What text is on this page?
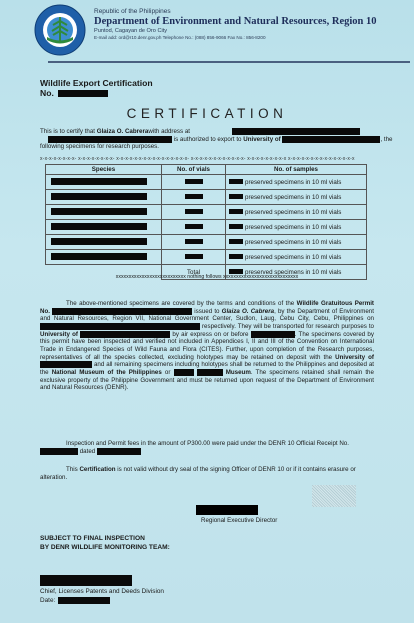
Republic of the Philippines
Department of Environment and Natural Resources, Region 10
Puntod, Cagayan de Oro City
E-mail add: ord@r10.denr.gov.ph Telephone No.: (088) 856-9066 Fax No.: 856-8200
Wildlife Export Certification
No.
CERTIFICATION
This is to certify that Glaiza O. Cabrerawith address at
is authorized to export to University of	, the
following specimens for research purposes.
x-x-x-x-x-x-x-x- x-x-x-x-x-x-x-x- x-x-x-x-x-x-x-x-x-x-x-x-x-x-x-x- x-x-x-x-x-x-x-x-x-x-x-x- x-x-x-x-x-x-x-x-x x-x-x-x-x-x-x-x-x-x-x-x-x-x-x
Species	No. of vials	No. of samples
		preserved specimens in 10 ml vials
		preserved specimens in 10 ml vials
		preserved specimens in 10 ml vials
		preserved specimens in 10 ml vials
		preserved specimens in 10 ml vials
		preserved specimens in 10 ml vials
	Total	preserved specimens in 10 ml vials
xxxxxxxxxxxxxxxxxxxxxxxxxxx nothing follows xxxxxxxxxxxxxxxxxxxxxxxxxxxxx
The above-mentioned specimens are covered by the terms and conditions of the Wildlife Gratuitous Permit No.	issued to Glaiza O. Cabrera, by the Department of Environment and Natural Resources, Region VII, National Government Center, Sudlon, Laug, Cebu City, Cebu, Philippines on  respectively. They will be transported for research purposes to University of	by air express on or before	. The specimens covered by this permit have been inspected and verified not included in Appendices I, II and III of the Convention on International Trade in Endangered Species of Wild Fauna and Flora (CITES). Further, upon completion of the Research purposes, representatives of all the species collected, excluding holotypes may be retained on deposit with the University of  and all remaining specimens including holotypes shall be returned to the Philippines and deposited at the National Museum of the Philippines or	Museum. The specimens retained shall remain the exclusive property of the Philippine Government and must be returned upon request of the Department of Environment and Natural Resources (DENR).
Inspection and Permit fees in the amount of P300.00 were paid under the DENR 10 Official Receipt No.  dated
This Certification is not valid without dry seal of the signing Officer of DENR 10 or if it contains erasure or alteration.
Regional Executive Director
SUBJECT TO FINAL INSPECTION
BY DENR WILDLIFE MONITORING TEAM:
Chief, Licenses Patents and Deeds Division
Date:
